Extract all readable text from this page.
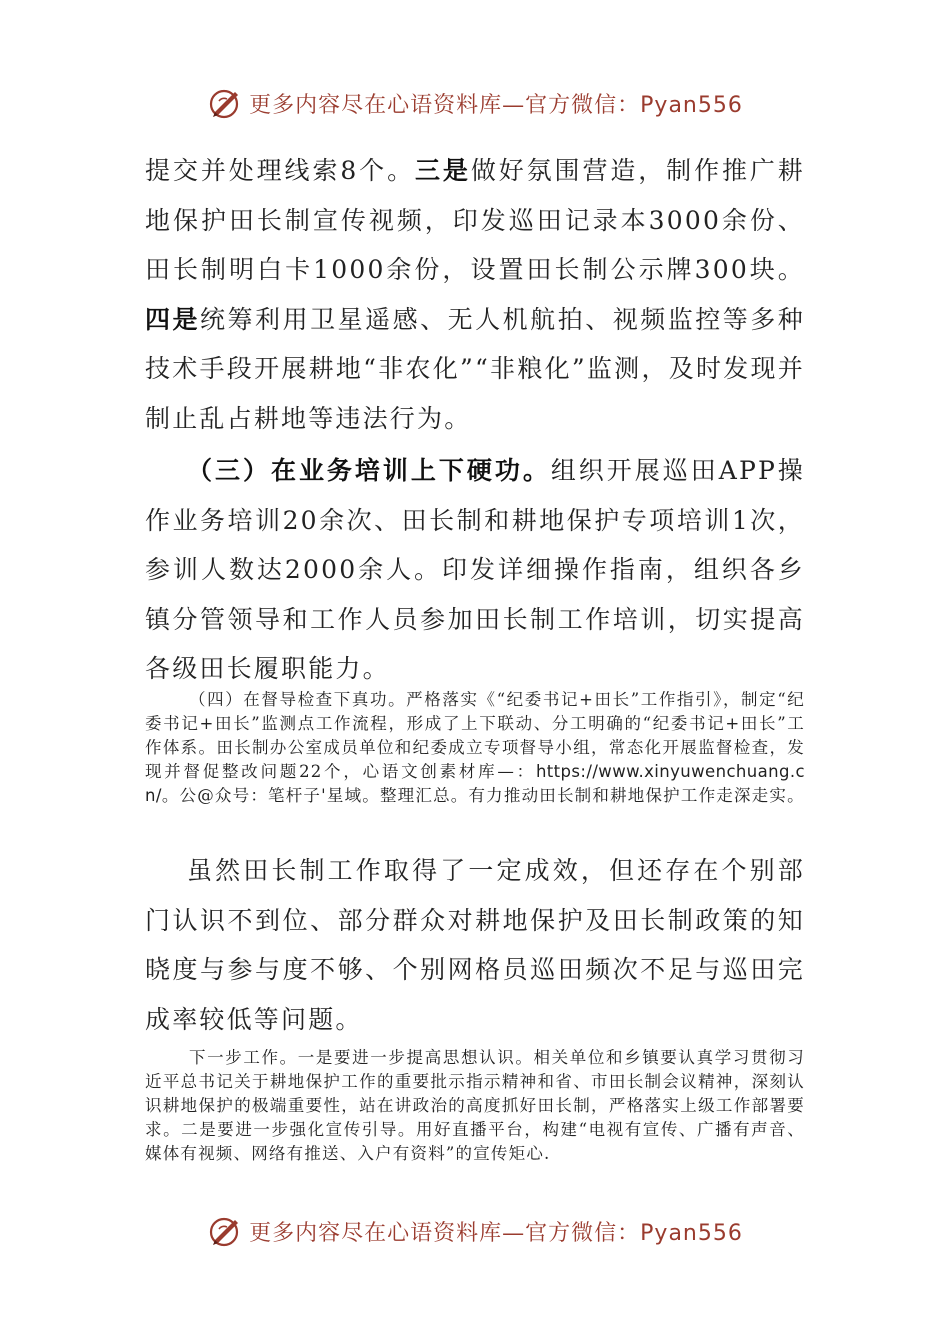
更多内容尽在心语资料库—官方微信：Pyan556
提交并处理线索8个。三是做好氛围营造，制作推广耕地保护田长制宣传视频，印发巡田记录本3000余份、田长制明白卡1000余份，设置田长制公示牌300块。四是统筹利用卫星遥感、无人机航拍、视频监控等多种技术手段开展耕地“非农化”“非粮化”监测，及时发现并制止乱占耕地等违法行为。
（三）在业务培训上下硬功。组织开展巡田APP操作业务培训20余次、田长制和耕地保护专项培训1次，参训人数达2000余人。印发详细操作指南，组织各乡镇分管领导和工作人员参加田长制工作培训，切实提高各级田长履职能力。
（四）在督导检查下真功。严格落实《“纪委书记+田长”工作指引》，制定“纪委书记+田长”监测点工作流程，形成了上下联动、分工明确的“纪委书记+田长”工作体系。田长制办公室成员单位和纪委成立专项督导小组，常态化开展监督检查，发现并督促整改问题22个，心语文创素材库—：https://www.xinyuwenchuang.cn/。公@众号：笔杆子'星域。整理汇总。有力推动田长制和耕地保护工作走深走实。
虽然田长制工作取得了一定成效，但还存在个别部门认识不到位、部分群众对耕地保护及田长制政策的知晓度与参与度不够、个别网格员巡田频次不足与巡田完成率较低等问题。
下一步工作。一是要进一步提高思想认识。相关单位和乡镇要认真学习贯彻习近平总书记关于耕地保护工作的重要批示指示精神和省、市田长制会议精神，深刻认识耕地保护的极端重要性，站在讲政治的高度抓好田长制，严格落实上级工作部署要求。二是要进一步强化宣传引导。用好直播平台，构建“电视有宣传、广播有声音、媒体有视频、网络有推送、入户有资料”的宣传矩心.
更多内容尽在心语资料库—官方微信：Pyan556
